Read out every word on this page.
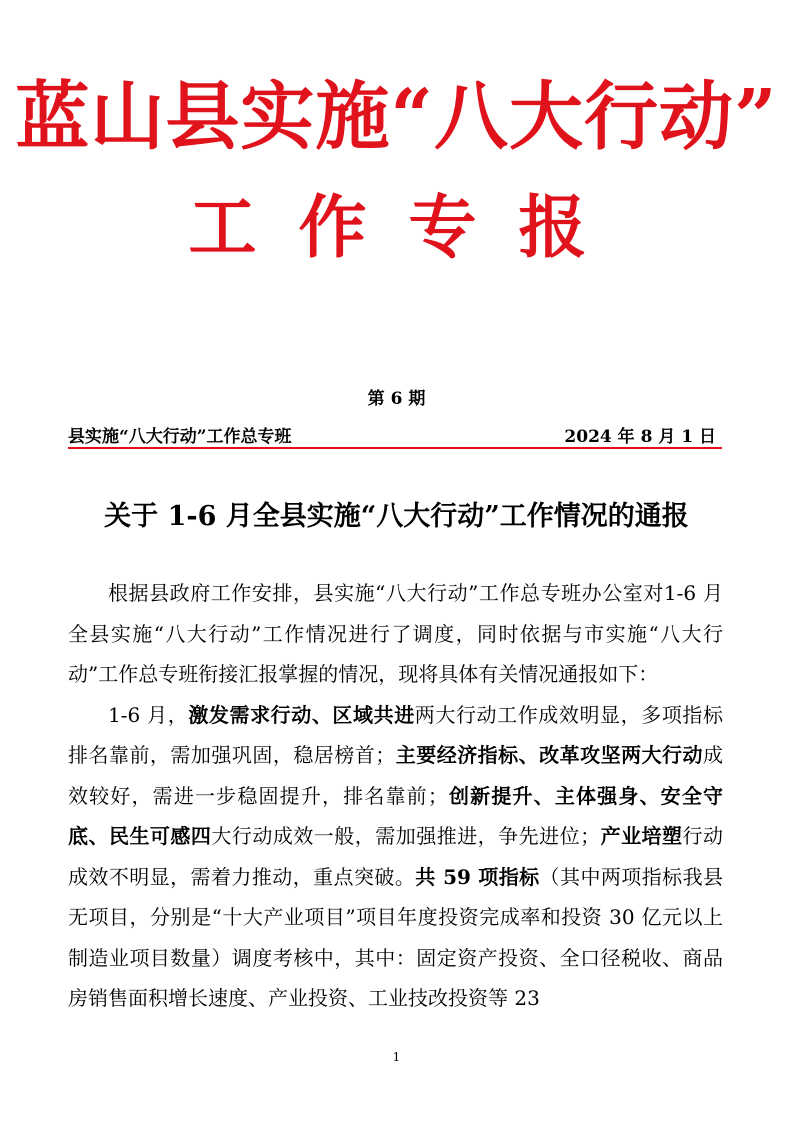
蓝山县实施“八大行动”
工作专报
第 6 期
县实施“八大行动”工作总专班	2024 年 8 月 1 日
关于 1-6 月全县实施“八大行动”工作情况的通报

根据县政府工作安排，县实施“八大行动”工作总专班办公室对1-6 月全县实施“八大行动”工作情况进行了调度，同时依据与市实施“八大行动”工作总专班衔接汇报掌握的情况，现将具体有关情况通报如下：

1-6 月，激发需求行动、区域共进两大行动工作成效明显，多项指标排名靠前，需加强巩固，稳居榜首；主要经济指标、改革攻坚两大行动成效较好，需进一步稳固提升，排名靠前；创新提升、主体强身、安全守底、民生可感四大行动成效一般，需加强推进，争先进位；产业培塑行动成效不明显，需着力推动，重点突破。共 59 项指标（其中两项指标我县无项目，分别是“十大产业项目”项目年度投资完成率和投资 30 亿元以上制造业项目数量）调度考核中，其中：固定资产投资、全口径税收、商品房销售面积增长速度、产业投资、工业技改投资等 23

1
